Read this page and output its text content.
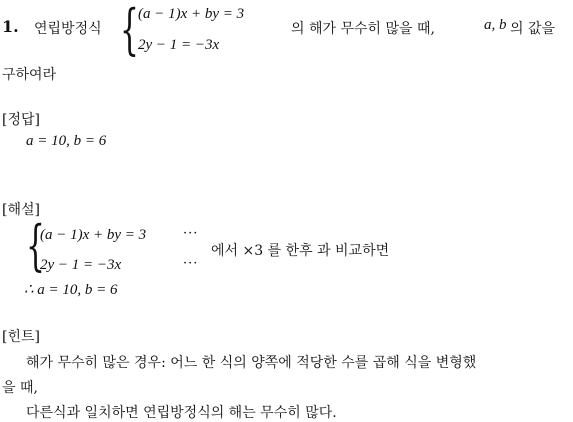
1. 연립방정식 { (a − 1)x + by = 3
2y − 1 = −3x
의 해가 무수히 많을 때,	a, b 의 값을
구하여라
[정답]
a = 10, b = 6
[해설]
{
(a − 1)x + by = 3	···
2y − 1 = −3x	···
에서 ×3 를 한후 과 비교하면
∴ a = 10, b = 6
[힌트]
해가 무수히 많은 경우: 어느 한 식의 양쪽에 적당한 수를 곱해 식을 변형했
을 때,
다른식과 일치하면 연립방정식의 해는 무수히 많다.
